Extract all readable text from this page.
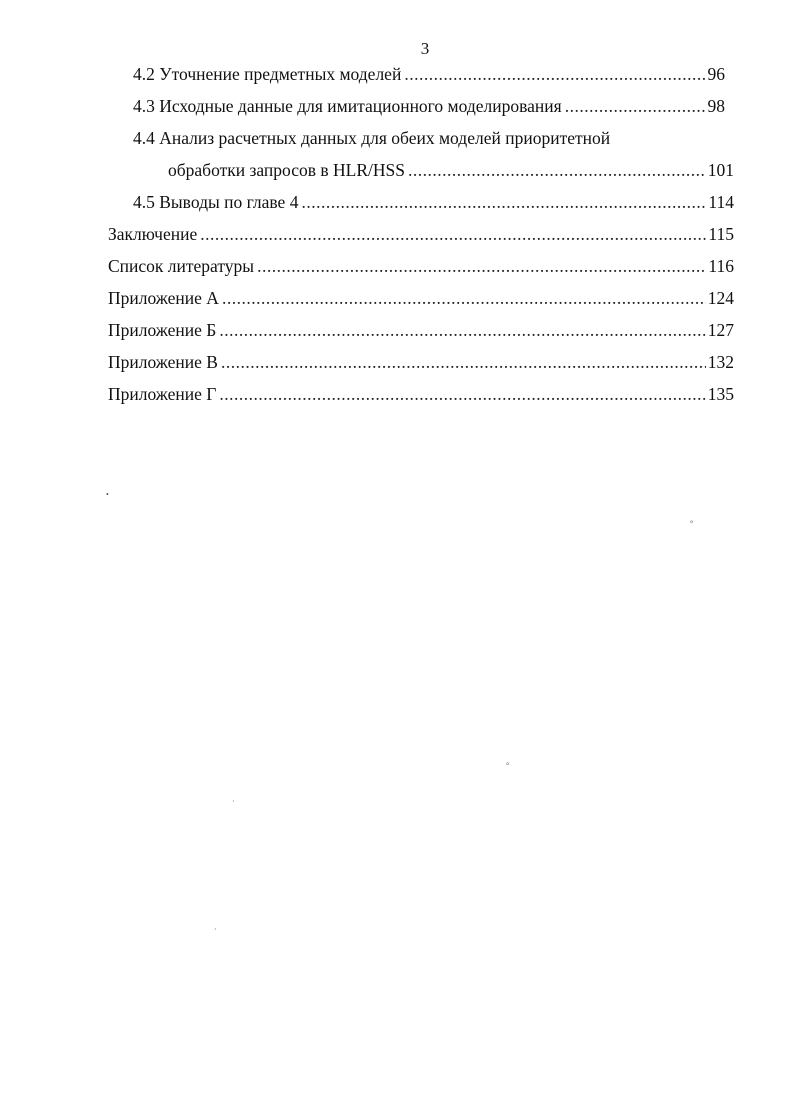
3
4.2 Уточнение предметных моделей .....	96
4.3 Исходные данные для имитационного моделирования .....	98
4.4 Анализ расчетных данных для обеих моделей приоритетной
обработки запросов в HLR/HSS .....	101
4.5 Выводы по главе 4 .....	114
Заключение .....	115
Список литературы .....	116
Приложение А .....	124
Приложение Б .....	127
Приложение В .....	132
Приложение Г .....	135
•
°
°
·
·
